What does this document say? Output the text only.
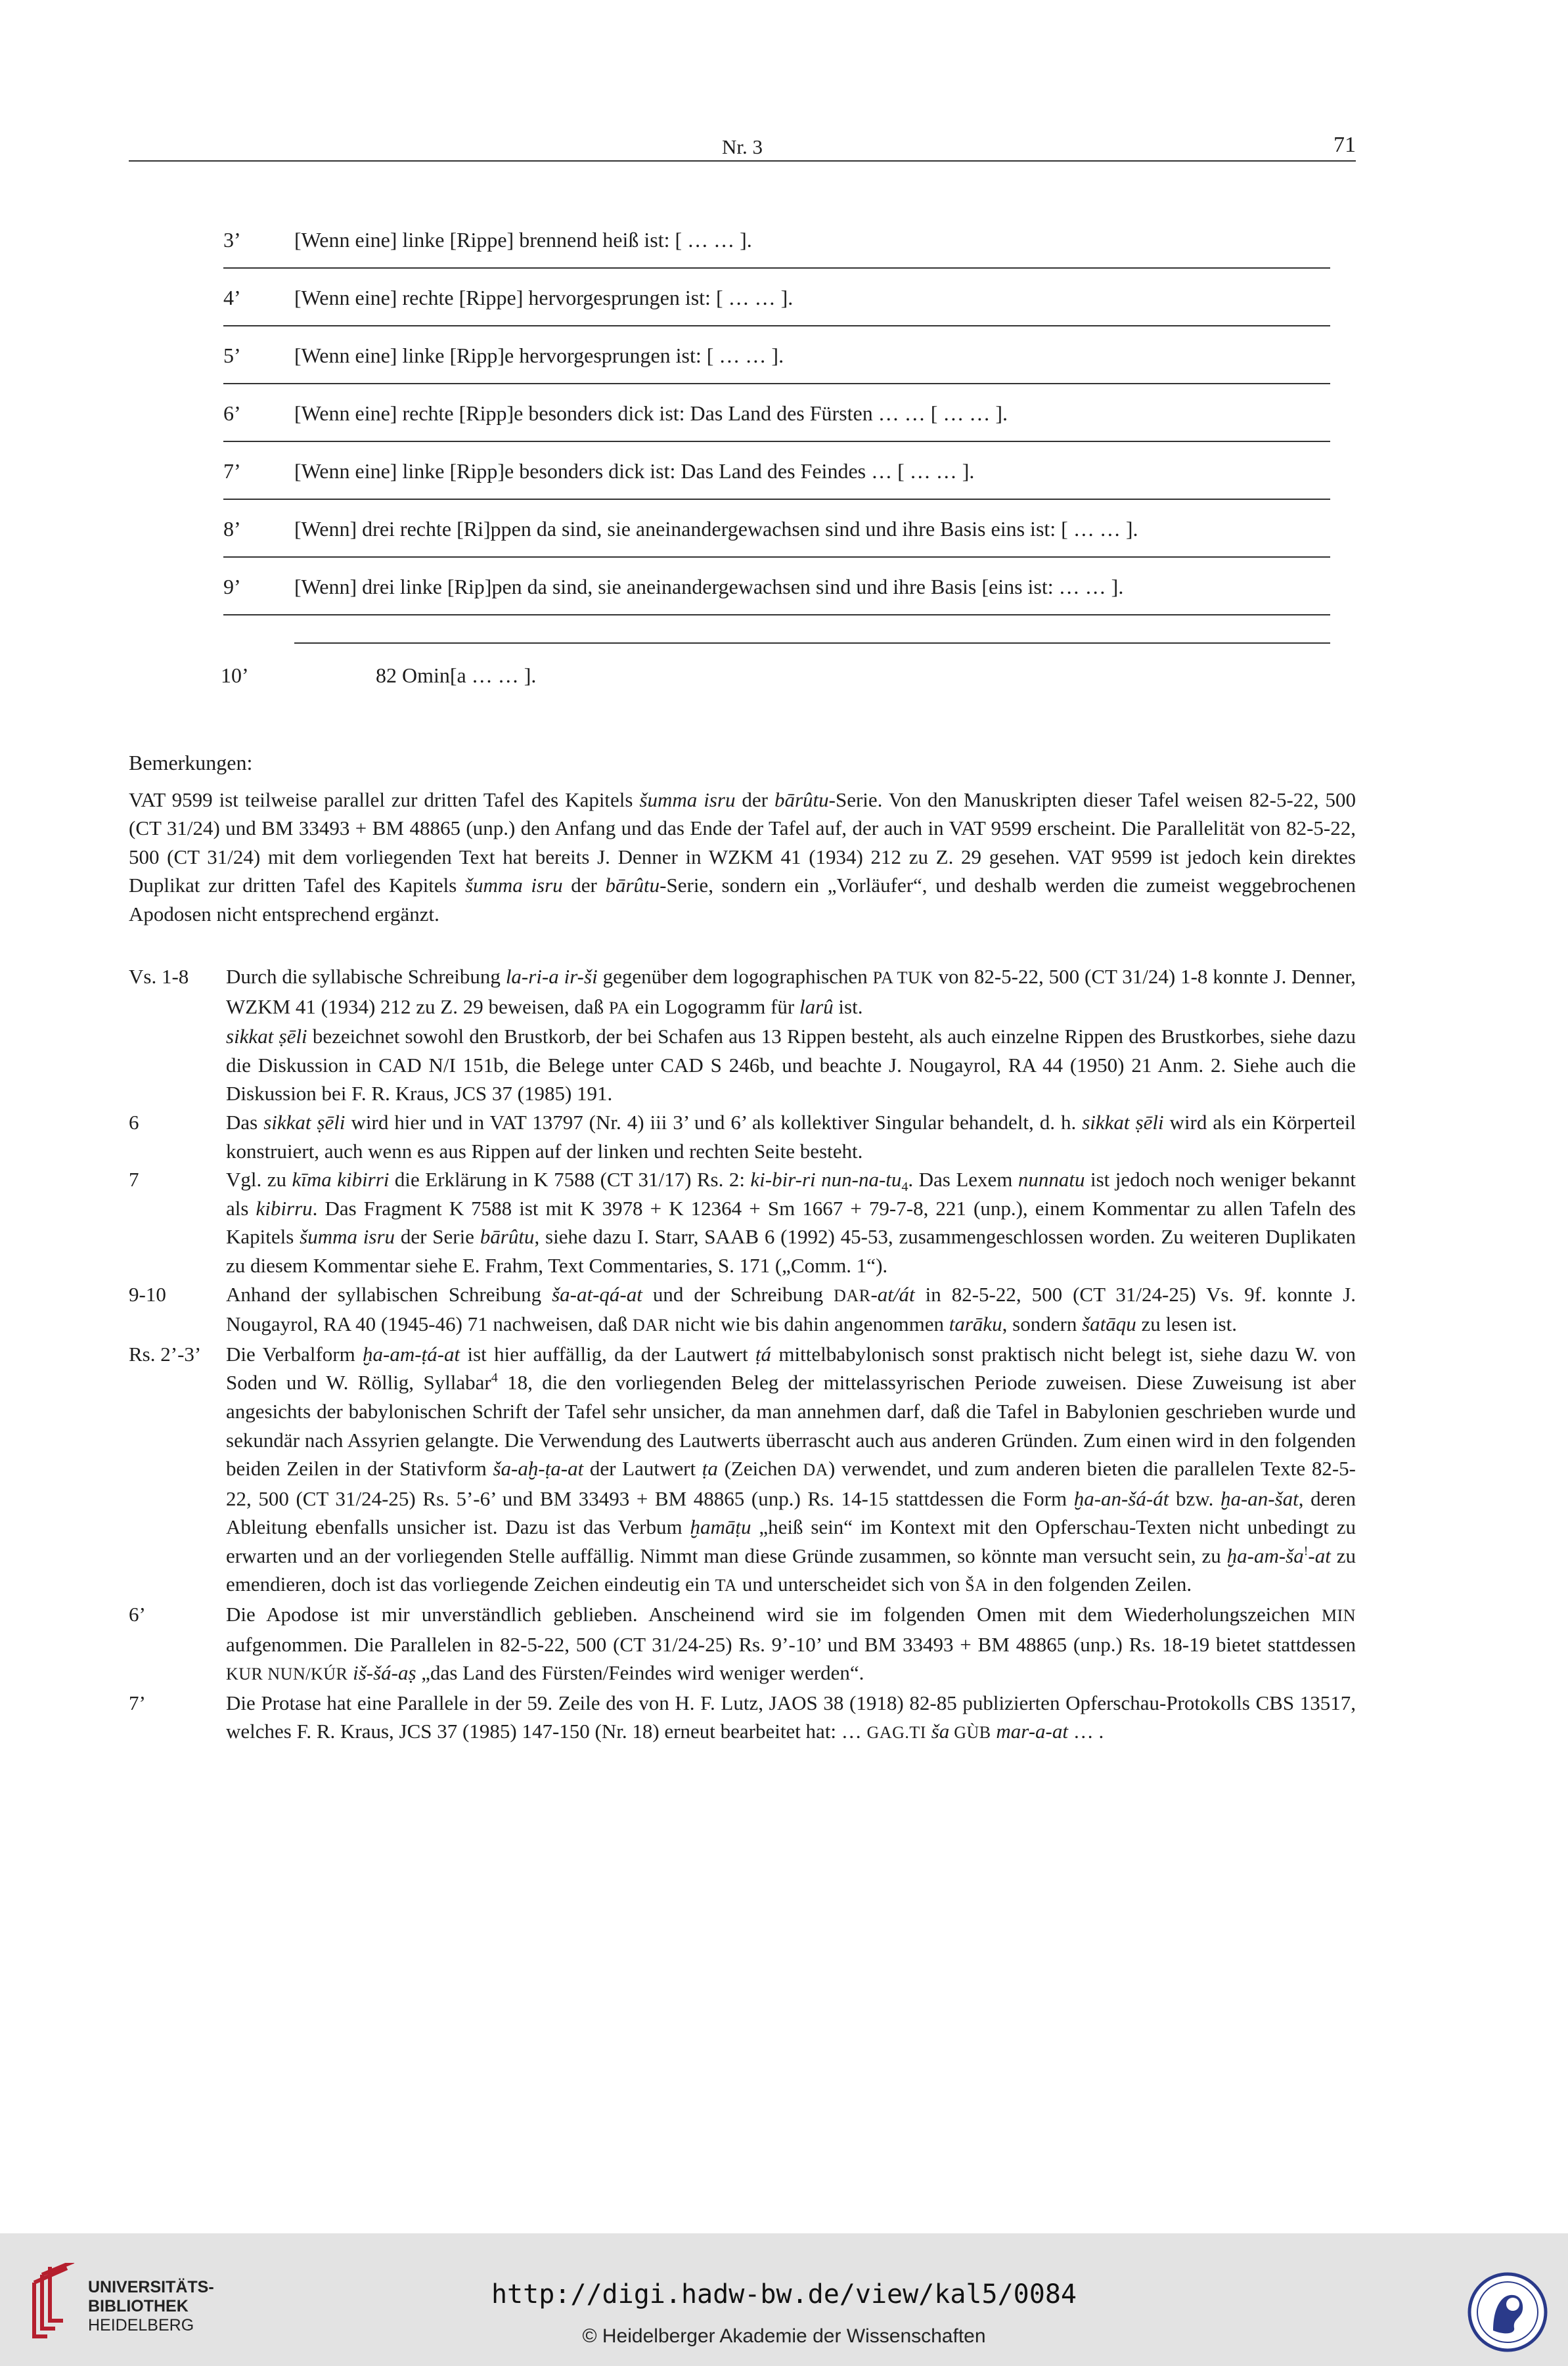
Nr. 3	71
3’	[Wenn eine] linke [Rippe] brennend heiß ist: [ … … ].
4’	[Wenn eine] rechte [Rippe] hervorgesprungen ist: [ … … ].
5’	[Wenn eine] linke [Ripp]e hervorgesprungen ist: [ … … ].
6’	[Wenn eine] rechte [Ripp]e besonders dick ist: Das Land des Fürsten … … [ … … ].
7’	[Wenn eine] linke [Ripp]e besonders dick ist: Das Land des Feindes … [ … … ].
8’	[Wenn] drei rechte [Ri]ppen da sind, sie aneinandergewachsen sind und ihre Basis eins ist: [ … … ].
9’	[Wenn] drei linke [Rip]pen da sind, sie aneinandergewachsen sind und ihre Basis [eins ist: … … ].
10’	82 Omin[a … … ].
Bemerkungen:
VAT 9599 ist teilweise parallel zur dritten Tafel des Kapitels šumma isru der bārûtu-Serie. Von den Manuskripten dieser Tafel weisen 82-5-22, 500 (CT 31/24) und BM 33493 + BM 48865 (unp.) den Anfang und das Ende der Tafel auf, der auch in VAT 9599 erscheint. Die Parallelität von 82-5-22, 500 (CT 31/24) mit dem vorliegenden Text hat bereits J. Denner in WZKM 41 (1934) 212 zu Z. 29 gesehen. VAT 9599 ist jedoch kein direktes Duplikat zur dritten Tafel des Kapitels šumma isru der bārûtu-Serie, sondern ein „Vorläufer“, und deshalb werden die zumeist weggebrochenen Apodosen nicht entsprechend ergänzt.
Vs. 1-8	Durch die syllabische Schreibung la-ri-a ir-ši gegenüber dem logographischen PA TUK von 82-5-22, 500 (CT 31/24) 1-8 konnte J. Denner, WZKM 41 (1934) 212 zu Z. 29 beweisen, daß PA ein Logogramm für larû ist.

sikkat ṣēli bezeichnet sowohl den Brustkorb, der bei Schafen aus 13 Rippen besteht, als auch einzelne Rippen des Brustkorbes, siehe dazu die Diskussion in CAD N/I 151b, die Belege unter CAD S 246b, und beachte J. Nougayrol, RA 44 (1950) 21 Anm. 2. Siehe auch die Diskussion bei F. R. Kraus, JCS 37 (1985) 191.

6	Das sikkat ṣēli wird hier und in VAT 13797 (Nr. 4) iii 3’ und 6’ als kollektiver Singular behandelt, d. h. sikkat ṣēli wird als ein Körperteil konstruiert, auch wenn es aus Rippen auf der linken und rechten Seite besteht.
7	Vgl. zu kīma kibirri die Erklärung in K 7588 (CT 31/17) Rs. 2: ki-bir-ri nun-$na-tu_4$. Das Lexem nunnatu ist jedoch noch weniger bekannt als kibirru. Das Fragment K 7588 ist mit K 3978 + K 12364 + Sm 1667 + 79-7-8, 221 (unp.), einem Kommentar zu allen Tafeln des Kapitels šumma isru der Serie bārûtu, siehe dazu I. Starr, SAAB 6 (1992) 45-53, zusammengeschlossen worden. Zu weiteren Duplikaten zu diesem Kommentar siehe E. Frahm, Text Commentaries, S. 171 („Comm. 1“).
9-10	Anhand der syllabischen Schreibung ša-at-qá-at und der Schreibung DAR-at/át in 82-5-22, 500 (CT 31/24-25) Vs. 9f. konnte J. Nougayrol, RA 40 (1945-46) 71 nachweisen, daß DAR nicht wie bis dahin angenommen tarāku, sondern šatāqu zu lesen ist.
Rs. 2’-3’	Die Verbalform ḫa-am-ṭá-at ist hier auffällig, da der Lautwert ṭá mittelbabylonisch sonst praktisch nicht belegt ist, siehe dazu W. von Soden und W. Röllig, Syllabar$^4$ 18, die den vorliegenden Beleg der mittelassyrischen Periode zuweisen. Diese Zuweisung ist aber angesichts der babylonischen Schrift der Tafel sehr unsicher, da man annehmen darf, daß die Tafel in Babylonien geschrieben wurde und sekundär nach Assyrien gelangte. Die Verwendung des Lautwerts überrascht auch aus anderen Gründen. Zum einen wird in den folgenden beiden Zeilen in der Stativform ša-aḫ-ṭa-at der Lautwert ṭa (Zeichen DA) verwendet, und zum anderen bieten die parallelen Texte 82-5-22, 500 (CT 31/24-25) Rs. 5’-6’ und BM 33493 + BM 48865 (unp.) Rs. 14-15 stattdessen die Form ḫa-an-šá-át bzw. ḫa-an-šat, deren Ableitung ebenfalls unsicher ist. Dazu ist das Verbum ḫamāṭu „heiß sein“ im Kontext mit den Opferschau-Texten nicht unbedingt zu erwarten und an der vorliegenden Stelle auffällig. Nimmt man diese Gründe zusammen, so könnte man versucht sein, zu ḫa-am-ša!-at zu emendieren, doch ist das vorliegende Zeichen eindeutig ein TA und unterscheidet sich von ŠA in den folgenden Zeilen.
6’	Die Apodose ist mir unverständlich geblieben. Anscheinend wird sie im folgenden Omen mit dem Wiederholungszeichen MIN aufgenommen. Die Parallelen in 82-5-22, 500 (CT 31/24-25) Rs. 9’-10’ und BM 33493 + BM 48865 (unp.) Rs. 18-19 bietet stattdessen KUR NUN/KÚR iš-šá-aṣ „das Land des Fürsten/Feindes wird weniger werden“.
7’	Die Protase hat eine Parallele in der 59. Zeile des von H. F. Lutz, JAOS 38 (1918) 82-85 publizierten Opferschau-Protokolls CBS 13517, welches F. R. Kraus, JCS 37 (1985) 147-150 (Nr. 18) erneut bearbeitet hat: … GAG.TI ša GÙB mar-a-at … .
UNIVERSITÄTS-
BIBLIOTHEK
HEIDELBERG
http://digi.hadw-bw.de/view/kal5/0084
© Heidelberger Akademie der Wissenschaften
